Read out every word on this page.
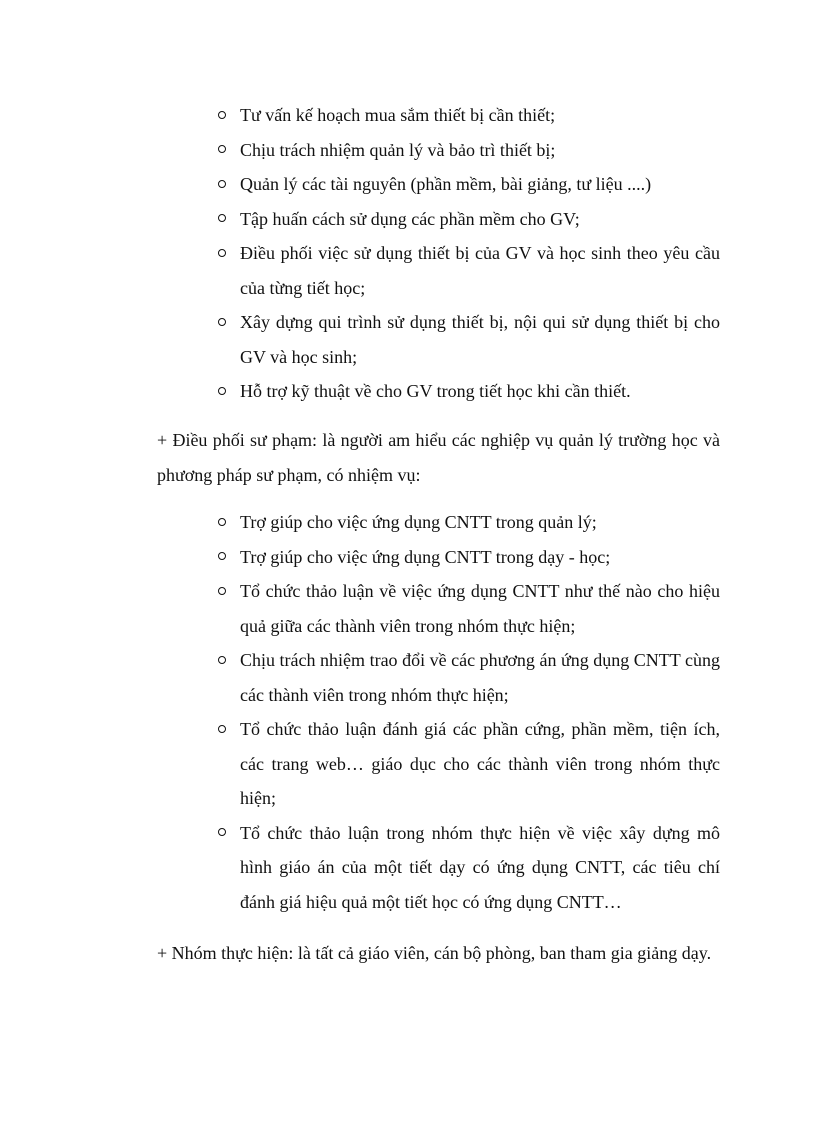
Tư vấn kế hoạch mua sắm thiết bị cần thiết;
Chịu trách nhiệm quản lý và bảo trì thiết bị;
Quản lý các tài nguyên (phần mềm, bài giảng, tư liệu ....)
Tập huấn cách sử dụng các phần mềm cho GV;
Điều phối việc sử dụng thiết bị của GV và học sinh theo yêu cầu của từng tiết học;
Xây dựng qui trình sử dụng thiết bị, nội qui sử dụng thiết bị cho GV và học sinh;
Hỗ trợ kỹ thuật về cho GV trong tiết học khi cần thiết.

+ Điều phối sư phạm: là người am hiểu các nghiệp vụ quản lý trường học và phương pháp sư phạm, có nhiệm vụ:

Trợ giúp cho việc ứng dụng CNTT trong quản lý;
Trợ giúp cho việc ứng dụng CNTT trong dạy - học;
Tổ chức thảo luận về việc ứng dụng CNTT như thế nào cho hiệu quả giữa các thành viên trong nhóm thực hiện;
Chịu trách nhiệm trao đổi về các phương án ứng dụng CNTT cùng các thành viên trong nhóm thực hiện;
Tổ chức thảo luận đánh giá các phần cứng, phần mềm, tiện ích, các trang web… giáo dục cho các thành viên trong nhóm thực hiện;
Tổ chức thảo luận trong nhóm thực hiện về việc xây dựng mô hình giáo án của một tiết dạy có ứng dụng CNTT, các tiêu chí đánh giá hiệu quả một tiết học có ứng dụng CNTT…

+ Nhóm thực hiện: là tất cả giáo viên, cán bộ phòng, ban tham gia giảng dạy.
